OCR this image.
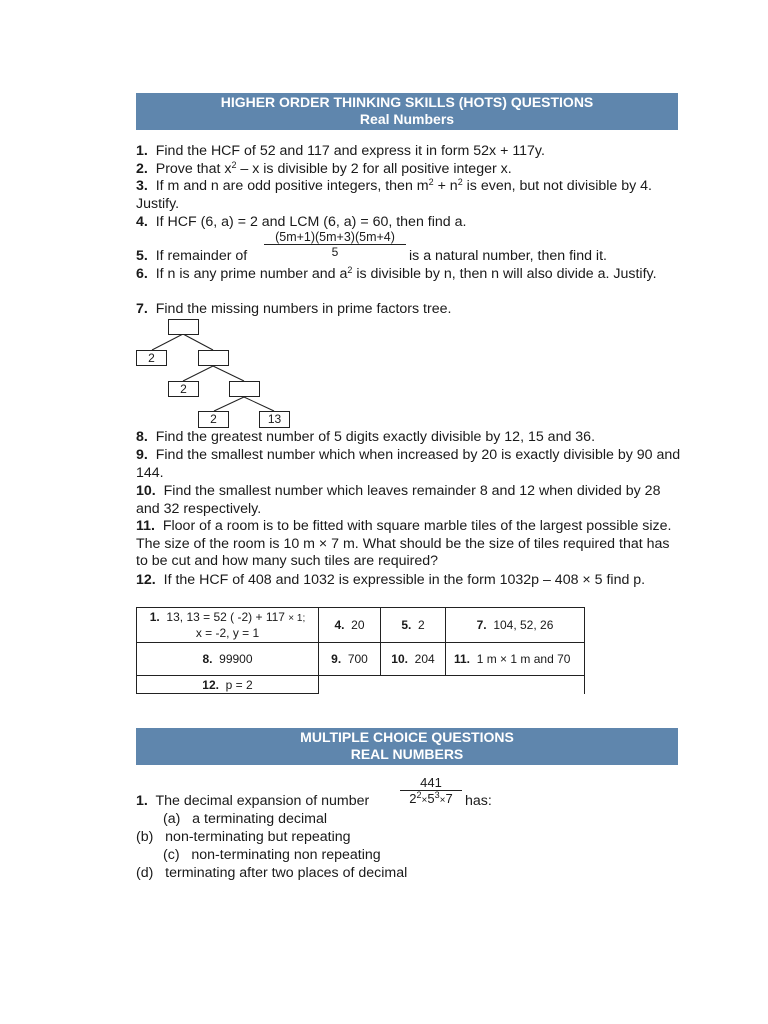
HIGHER ORDER THINKING SKILLS (HOTS) QUESTIONS
Real Numbers
1. Find the HCF of 52 and 117 and express it in form 52x + 117y.
2. Prove that $x^2$ – x is divisible by 2 for all positive integer x.
3. If m and n are odd positive integers, then $m^2 + n^2$ is even, but not divisible by 4. Justify.
4. If HCF (6, a) = 2 and LCM (6, a) = 60, then find a.
5. If remainder of	$\frac{(5m+1)(5m+3)(5m+4)}{5}$ is a natural number, then find it.
6. If n is any prime number and $a^2$ is divisible by n, then n will also divide a. Justify.
7. Find the missing numbers in prime factors tree.
2
2
2	13
8. Find the greatest number of 5 digits exactly divisible by 12, 15 and 36.
9. Find the smallest number which when increased by 20 is exactly divisible by 90 and 144.
10. Find the smallest number which leaves remainder 8 and 12 when divided by 28 and 32 respectively.
11. Floor of a room is to be fitted with square marble tiles of the largest possible size. The size of the room is 10 m × 7 m. What should be the size of tiles required that has to be cut and how many such tiles are required?
12. If the HCF of 408 and 1032 is expressible in the form 1032p – 408 × 5 find p.
1. 13, 13 = 52 ( -2) + 117 × 1;
x = -2, y = 1	4. 20	5. 2	7. 104, 52, 26
8. 99900	9. 700	10. 204	11. 1 m × 1 m and 70
12. p = 2			
MULTIPLE CHOICE QUESTIONS
REAL NUMBERS
1. The decimal expansion of number	$\frac{441}{2^2\times 5^3\times 7}$ has:
(a)   a terminating decimal
(b)   non-terminating but repeating
(c)   non-terminating non repeating
(d)   terminating after two places of decimal
